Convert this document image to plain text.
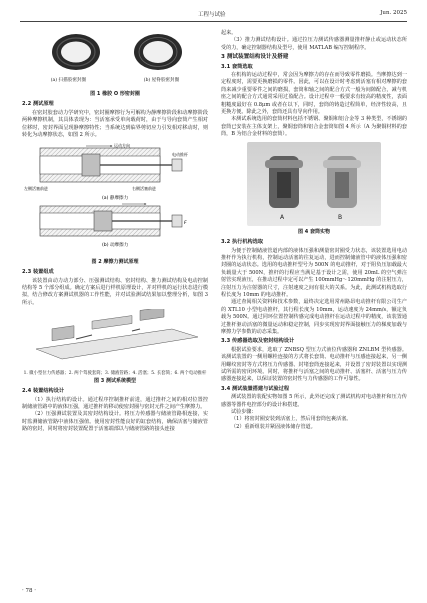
工程与试验	Jun. 2025
(a) 扫描胶密封圈	(b) 屋脊胶密封圈
图 1 橡胶 O 形密封圈
2.2 测试原理

在密封胶套动力学研究中，密封圈摩擦行为可解构为静摩擦阶段和动摩擦阶段两种摩擦机制，其具体表现为：当活塞承受单向载荷时，由于与导向套筒产生相对位移时，密封界面呈现静摩擦特性；当系统达到临界剪切应力引发相对移动时，则转化为动摩擦状态，如图 2 所示。

运动方向
电动推杆
左侧活塞前进	右侧活塞前进
(a) 静摩擦力
F
(b) 动摩擦力
图 2 摩擦力测试原理
2.3 装置组成

该装置由动力动力部分、压强测试结构、密封结构、推力测试结构及电动控制结构等 5 个部分组成。确定方案后进行样机原理设计，并对样机的运行状态进行模拟，结合修改方案测试机器的工作性能，并对试验测试结果加以整理分析，如图 3 所示。

1. 微小型位力传感器；2. 两个驾驶套筒；3. 储液管路；4. 活塞；5. 长套筒；6. 两个电动推杆
图 3 测试系统模型
2.4 装置结构设计

（1）执行结构的设计。通过程序控制推杆前进，通过推杆之间的相对位置控制储液管路中的液体压强，通过推杆的移动使密封圈与密封元件之间产生摩擦力。

（2）压强测试装置及其密封结构设计。将压力传感器与储液管路相连接，实时监测储液管路中液体压强值。使用密封性能良好的缸套结构，确保活塞与储液管路的密封，同时将密封装置配置于活塞端部以与储液管路的接头连接

起来。

（3）推力测试结构设计。通过拉压力测试传感器测量推杆静止或运动状态所受的力，确定控制器结构及型号，使用 MATLAB 编写控制程序。

3 测试装置结构设计及搭建
3.1 套筒选取

在机构的运动过程中，常会因为摩擦力的存在而导致零件磨损。当摩擦达到一定程度时，需要更换磨损的零件。因此，可以在设计时考虑到活塞有相对摩擦的套筒来减少重要零件之间的磨损，套筒和轴之间的配合方式一般为间隙配合，减与机座之间的配合方式通常采用过盈配合。设计过程中一般要求有较高的精度性，表面粗糙度最好在 0.8μm 或者在以下，同时，套筒的铸造过程简单，经济性较高，且更换方便。除此之外，套筒还具有导向作用。

本测试系统选用的套筒材料包括不锈钢、聚铜和铝合金等 3 种类型，不锈钢的套筒已安装在主体支架上，聚铜套筒和铝合金套筒如图 4 所示（A 为聚铜材料的套筒，B 为铝合金材料的套筒）。

A	B
图 4 套筒实物
3.2 执行机构选取

为便于控制储液管道内部的液体压强和测量密封圈受力状态，该装置选用电动推杆作为执行机构，控制运动活塞的往复运动，进而控制储液管中的液体压强和密封圈的运动状态。选用的电动推杆型号为 500N 的电动推杆，对于阻负压加载最大负载量大于 500N，推杆的行程应当满足基于设计之需，使用 20mL 的空气弹注射管实现液压，在推动过程中定可以产生 100mmHg～120mmHg 的注射压力，注射压力为注射器的尺寸，注射速度之间有很大的关系。为此，此测试机构选取行程长度为 10mm 的电动推杆。

通过查阅相关资料和技术参数，最终决定选用常州路昂电动推杆有限公司生产的 XTL10 小型电动推杆，其行程长度为 10mm，运动速度为 24mm/s，额定负载为 500N。通过同环位置控制传感完成电动推杆在运动过程中的精度，该装置通过推杆驱动活塞的微量运动和稳定控制，同步实现密封界面接触压力的梯度加载与摩擦力学参数的动态采集。

3.3 传感器选取及密封结构设计

根据试验要求，选取了 ZNBSQ 型压力式液位传感器和 ZNLBM 型传感器。该测试装置的一侧用螺栓连接的方式将长套筒、电动推杆与压感连接起来，另一侧用螺纹密封等方式将压力传感器、封堵套筒连接起来，并设置了密封装置以实现测试所需的密闭环境。同时，将推杆与活塞之间的电动推杆、活塞杆、活塞与压力传感器连接起来，以保证装置的密封性与力传感器的工作可靠性。

3.4 测试装置搭建与试验过程

测试装置的装配实物如图 5 所示，此外还完成了测试机构对电动推杆和压力传感器等器件电控部分的设计和搭建。

试验步骤：

（1）将密封圈安装到活塞上，然后用套筒包裹活塞。

（2）重新组装并紧固液体储存管道。

· 78 ·
